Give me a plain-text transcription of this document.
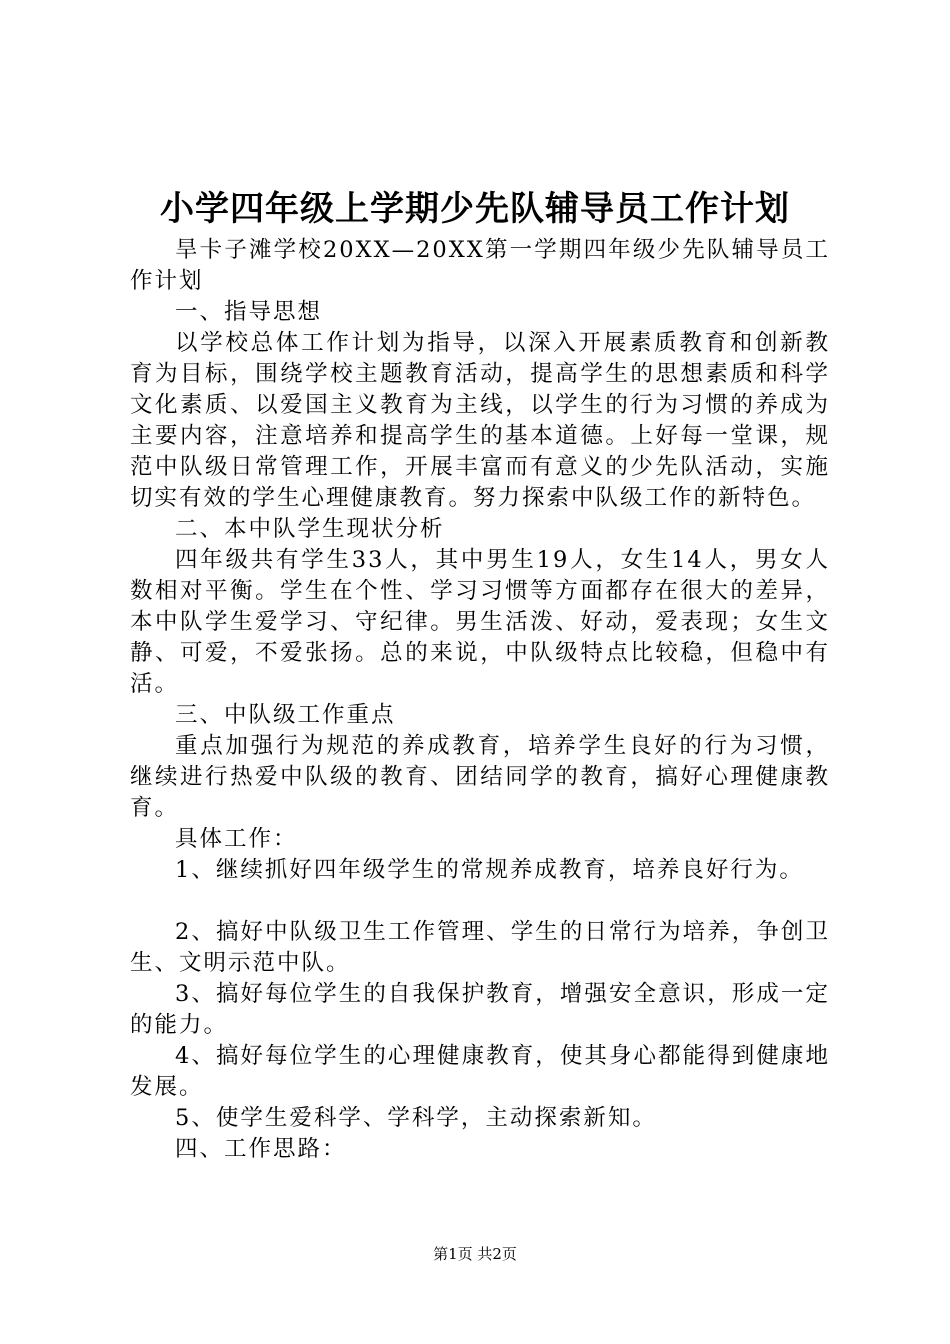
小学四年级上学期少先队辅导员工作计划

旱卡子滩学校20XX—20XX第一学期四年级少先队辅导员工作计划

一、指导思想

以学校总体工作计划为指导，以深入开展素质教育和创新教育为目标，围绕学校主题教育活动，提高学生的思想素质和科学文化素质、以爱国主义教育为主线，以学生的行为习惯的养成为主要内容，注意培养和提高学生的基本道德。上好每一堂课，规范中队级日常管理工作，开展丰富而有意义的少先队活动，实施切实有效的学生心理健康教育。努力探索中队级工作的新特色。

二、本中队学生现状分析

四年级共有学生33人，其中男生19人，女生14人，男女人数相对平衡。学生在个性、学习习惯等方面都存在很大的差异，本中队学生爱学习、守纪律。男生活泼、好动，爱表现；女生文静、可爱，不爱张扬。总的来说，中队级特点比较稳，但稳中有活。

三、中队级工作重点

重点加强行为规范的养成教育，培养学生良好的行为习惯，继续进行热爱中队级的教育、团结同学的教育，搞好心理健康教育。

具体工作：

1、继续抓好四年级学生的常规养成教育，培养良好行为。

2、搞好中队级卫生工作管理、学生的日常行为培养，争创卫生、文明示范中队。

3、搞好每位学生的自我保护教育，增强安全意识，形成一定的能力。

4、搞好每位学生的心理健康教育，使其身心都能得到健康地发展。

5、使学生爱科学、学科学，主动探索新知。

四、工作思路：

第1页 共2页
